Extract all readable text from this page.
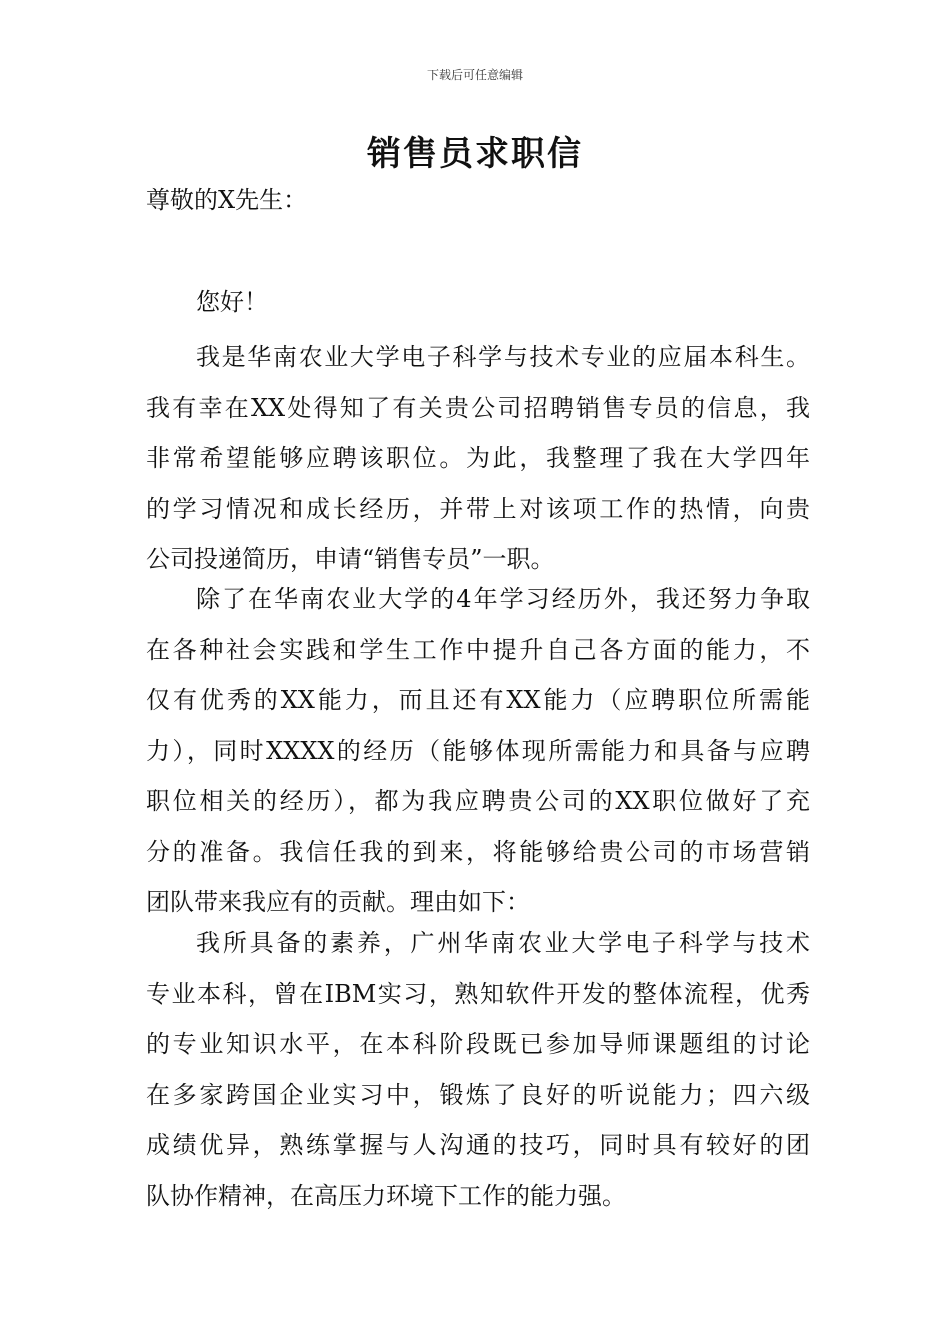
下载后可任意编辑
销售员求职信
尊敬的X先生：
您好！
我是华南农业大学电子科学与技术专业的应届本科生。
我有幸在XX处得知了有关贵公司招聘销售专员的信息，我
非常希望能够应聘该职位。为此，我整理了我在大学四年
的学习情况和成长经历，并带上对该项工作的热情，向贵
公司投递简历，申请“销售专员”一职。
除了在华南农业大学的4年学习经历外，我还努力争取
在各种社会实践和学生工作中提升自己各方面的能力，不
仅有优秀的XX能力，而且还有XX能力（应聘职位所需能
力），同时XXXX的经历（能够体现所需能力和具备与应聘
职位相关的经历），都为我应聘贵公司的XX职位做好了充
分的准备。我信任我的到来，将能够给贵公司的市场营销
团队带来我应有的贡献。理由如下：
我所具备的素养，广州华南农业大学电子科学与技术
专业本科，曾在IBM实习，熟知软件开发的整体流程，优秀
的专业知识水平，在本科阶段既已参加导师课题组的讨论
在多家跨国企业实习中，锻炼了良好的听说能力；四六级
成绩优异，熟练掌握与人沟通的技巧，同时具有较好的团
队协作精神，在高压力环境下工作的能力强。
